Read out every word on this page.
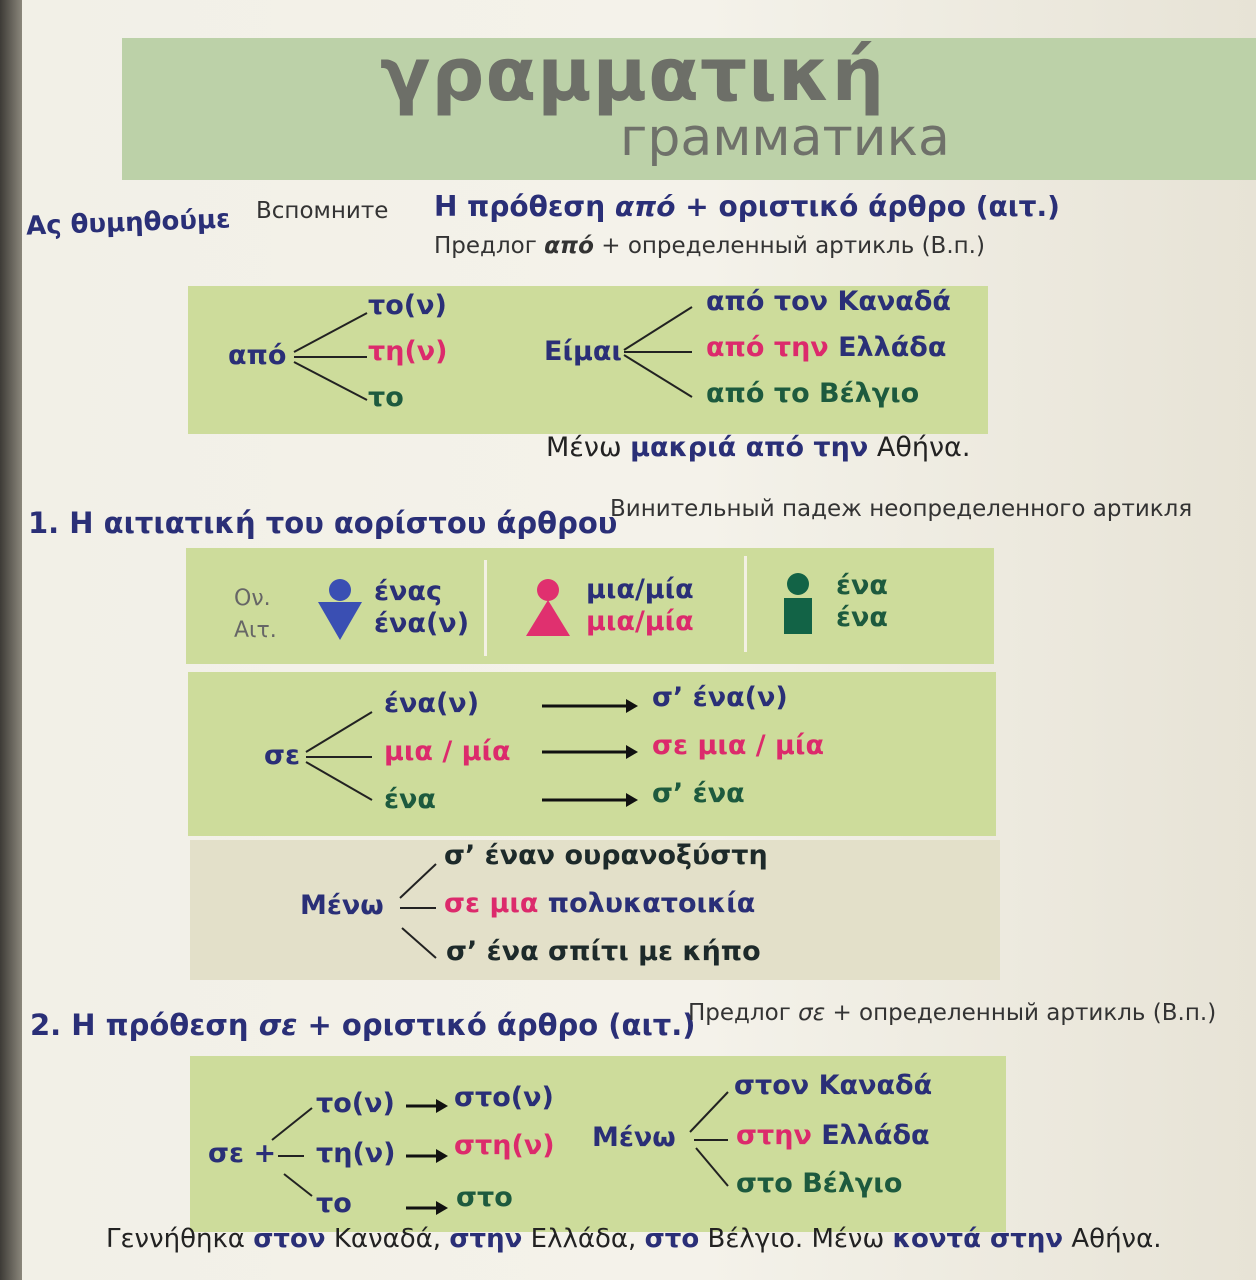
γραμματική
грамматика
Ας θυμηθούμε Вспомните Η πρόθεση από + οριστικό άρθρο (αιτ.)
Предлог από + определенный артикль (В.п.)
από
το(ν)
τη(ν)
το
Είμαι
από τον Καναδά
από την Ελλάδα
από το Βέλγιο
Μένω μακριά από την Αθήνα.
1. Η αιτιατική του αορίστου άρθρου
Винительный падеж неопределенного артикля
Ον.
Αιτ.
ένας
ένα(ν)
μια/μία
μια/μία
ένα
ένα
σε
ένα(ν)
μια / μία
ένα
σ’ ένα(ν)
σε μια / μία
σ’ ένα
Μένω
σ’ έναν ουρανοξύστη
σε μια πολυκατοικία
σ’ ένα σπίτι με κήπο
2. Η πρόθεση σε + οριστικό άρθρο (αιτ.)
Предлог σε + определенный артикль (В.п.)
σε +
το(ν)
τη(ν)
το
στο(ν)
στη(ν)
στο
Μένω
στον Καναδά
στην Ελλάδα
στο Βέλγιο
Γεννήθηκα στον Καναδά, στην Ελλάδα, στο Βέλγιο. Μένω κοντά στην Αθήνα.
